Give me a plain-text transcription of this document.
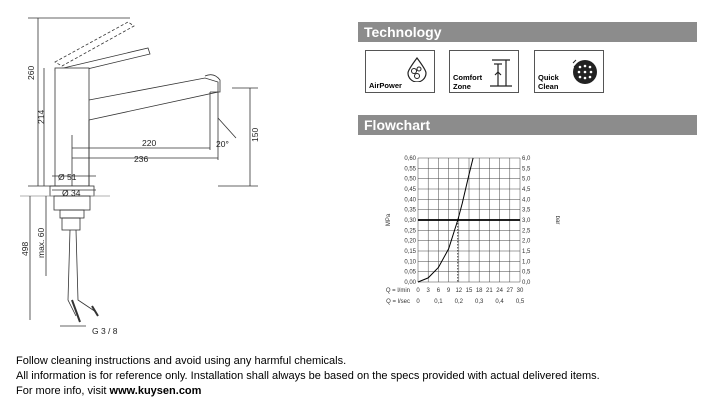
260
214
220
236
20°
150
Ø 51
Ø 34
498 max. 60
G 3 / 8
Technology
AirPower
Comfort
Zone
Quick
Clean
Flowchart
0,00	0,0
0,05	0,5
0,10	1,0
0,15	1,5
0,20	2,0
0,25	2,5
0,30	3,0
0,35	3,5
0,40	4,0
0,45	4,5
0,50	5,0
0,55	5,5
0,60	6,0
0 3 6 9 12 15 18 21 24 27 30
0 0,1 0,2 0,3 0,4 0,5
Q = l/min
Q = l/sec
MPa	bar
Follow cleaning instructions and avoid using any harmful chemicals.
All information is for reference only. Installation shall always be based on the specs provided with actual delivered items.
For more info, visit www.kuysen.com
